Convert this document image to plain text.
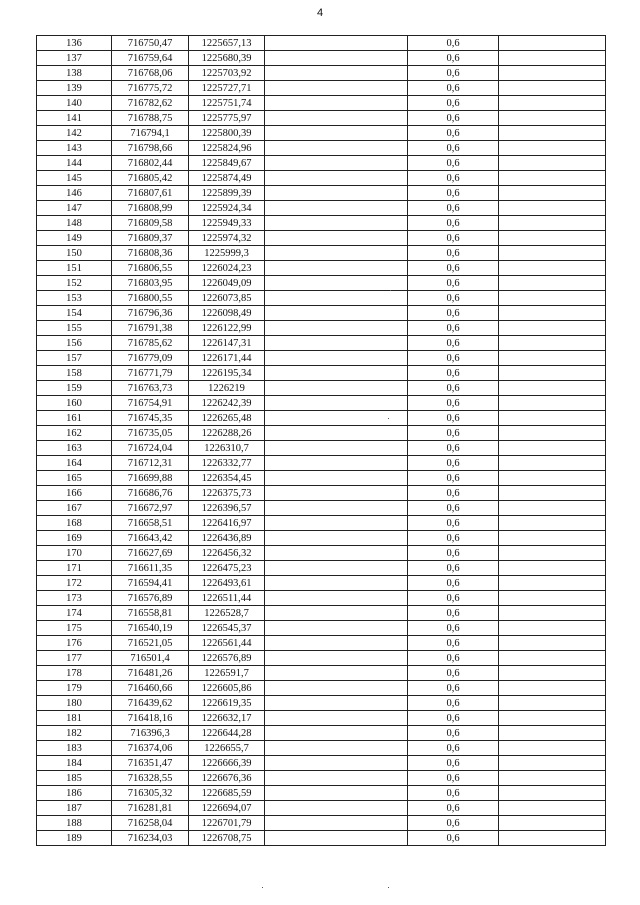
4
136	716750,47	1225657,13		0,6	
137	716759,64	1225680,39		0,6	
138	716768,06	1225703,92		0,6	
139	716775,72	1225727,71		0,6	
140	716782,62	1225751,74		0,6	
141	716788,75	1225775,97		0,6	
142	716794,1	1225800,39		0,6	
143	716798,66	1225824,96		0,6	
144	716802,44	1225849,67		0,6	
145	716805,42	1225874,49		0,6	
146	716807,61	1225899,39		0,6	
147	716808,99	1225924,34		0,6	
148	716809,58	1225949,33		0,6	
149	716809,37	1225974,32		0,6	
150	716808,36	1225999,3		0,6	
151	716806,55	1226024,23		0,6	
152	716803,95	1226049,09		0,6	
153	716800,55	1226073,85		0,6	
154	716796,36	1226098,49		0,6	
155	716791,38	1226122,99		0,6	
156	716785,62	1226147,31		0,6	
157	716779,09	1226171,44		0,6	
158	716771,79	1226195,34		0,6	
159	716763,73	1226219		0,6	
160	716754,91	1226242,39		0,6	
161	716745,35	1226265,48		0,6	
162	716735,05	1226288,26		0,6	
163	716724,04	1226310,7		0,6	
164	716712,31	1226332,77		0,6	
165	716699,88	1226354,45		0,6	
166	716686,76	1226375,73		0,6	
167	716672,97	1226396,57		0,6	
168	716658,51	1226416,97		0,6	
169	716643,42	1226436,89		0,6	
170	716627,69	1226456,32		0,6	
171	716611,35	1226475,23		0,6	
172	716594,41	1226493,61		0,6	
173	716576,89	1226511,44		0,6	
174	716558,81	1226528,7		0,6	
175	716540,19	1226545,37		0,6	
176	716521,05	1226561,44		0,6	
177	716501,4	1226576,89		0,6	
178	716481,26	1226591,7		0,6	
179	716460,66	1226605,86		0,6	
180	716439,62	1226619,35		0,6	
181	716418,16	1226632,17		0,6	
182	716396,3	1226644,28		0,6	
183	716374,06	1226655,7		0,6	
184	716351,47	1226666,39		0,6	
185	716328,55	1226676,36		0,6	
186	716305,32	1226685,59		0,6	
187	716281,81	1226694,07		0,6	
188	716258,04	1226701,79		0,6	
189	716234,03	1226708,75		0,6	
